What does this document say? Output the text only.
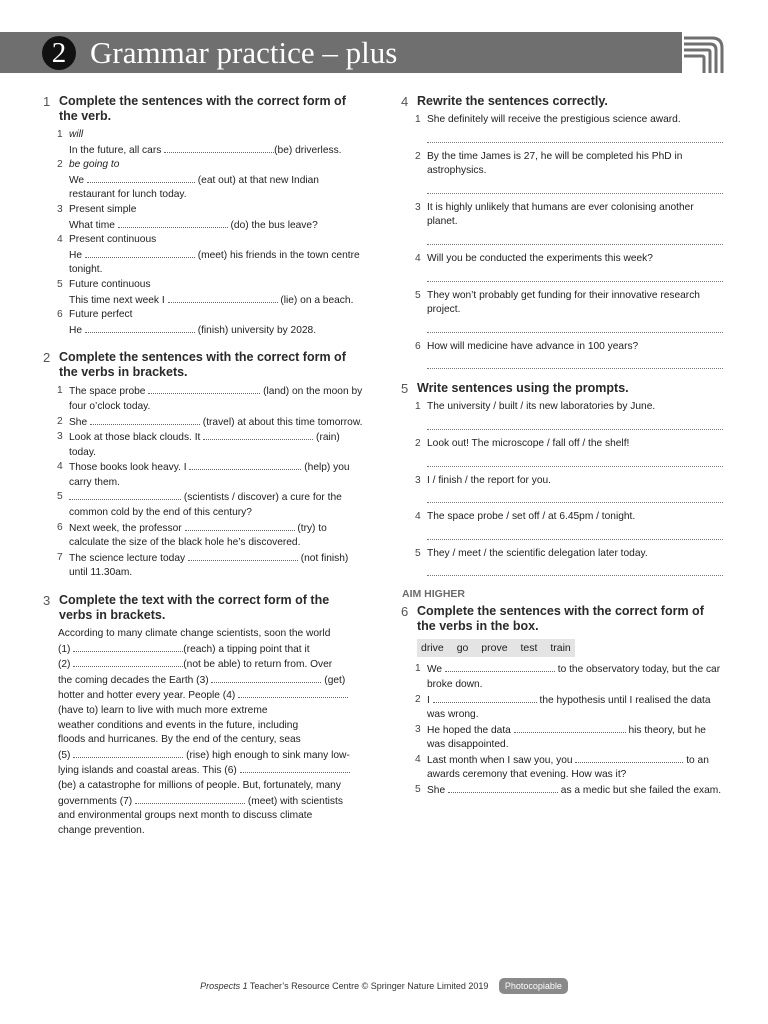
2 Grammar practice – plus
1 Complete the sentences with the correct form of the verb.
1 will
In the future, all cars	(be) driverless.
2 be going to
We	(eat out) at that new Indian restaurant for lunch today.
3 Present simple
What time	(do) the bus leave?
4 Present continuous
He	(meet) his friends in the town centre tonight.
5 Future continuous
This time next week I	(lie) on a beach.
6 Future perfect
He	(finish) university by 2028.
2 Complete the sentences with the correct form of the verbs in brackets.
1 The space probe	(land) on the moon by four o’clock today.
2 She	(travel) at about this time tomorrow.
3 Look at those black clouds. It	(rain) today.
4 Those books look heavy. I	(help) you carry them.
5	(scientists / discover) a cure for the common cold by the end of this century?
6 Next week, the professor	(try) to calculate the size of the black hole he’s discovered.
7 The science lecture today	(not finish) until 11.30am.
3 Complete the text with the correct form of the verbs in brackets.
According to many climate change scientists, soon the world
(1)	(reach) a tipping point that it
(2)	(not be able) to return from. Over
the coming decades the Earth (3)	(get)
hotter and hotter every year. People (4)
(have to) learn to live with much more extreme
weather conditions and events in the future, including
floods and hurricanes. By the end of the century, seas
(5)	(rise) high enough to sink many low-
lying islands and coastal areas. This (6)
(be) a catastrophe for millions of people. But, fortunately, many
governments (7)	(meet) with scientists
and environmental groups next month to discuss climate
change prevention.
4 Rewrite the sentences correctly.
1 She definitely will receive the prestigious science award.
2 By the time James is 27, he will be completed his PhD in astrophysics.
3 It is highly unlikely that humans are ever colonising another planet.
4 Will you be conducted the experiments this week?
5 They won’t probably get funding for their innovative research project.
6 How will medicine have advance in 100 years?
5 Write sentences using the prompts.
1 The university / built / its new laboratories by June.
2 Look out! The microscope / fall off / the shelf!
3 I / finish / the report for you.
4 The space probe / set off / at 6.45pm / tonight.
5 They / meet / the scientific delegation later today.
AIM HIGHER
6 Complete the sentences with the correct form of the verbs in the box.
drive go prove test train
1 We	to the observatory today, but the car broke down.
2 I	the hypothesis until I realised the data was wrong.
3 He hoped the data	his theory, but he was disappointed.
4 Last month when I saw you, you	to an awards ceremony that evening. How was it?
5 She	as a medic but she failed the exam.
Prospects 1 Teacher’s Resource Centre © Springer Nature Limited 2019 Photocopiable
